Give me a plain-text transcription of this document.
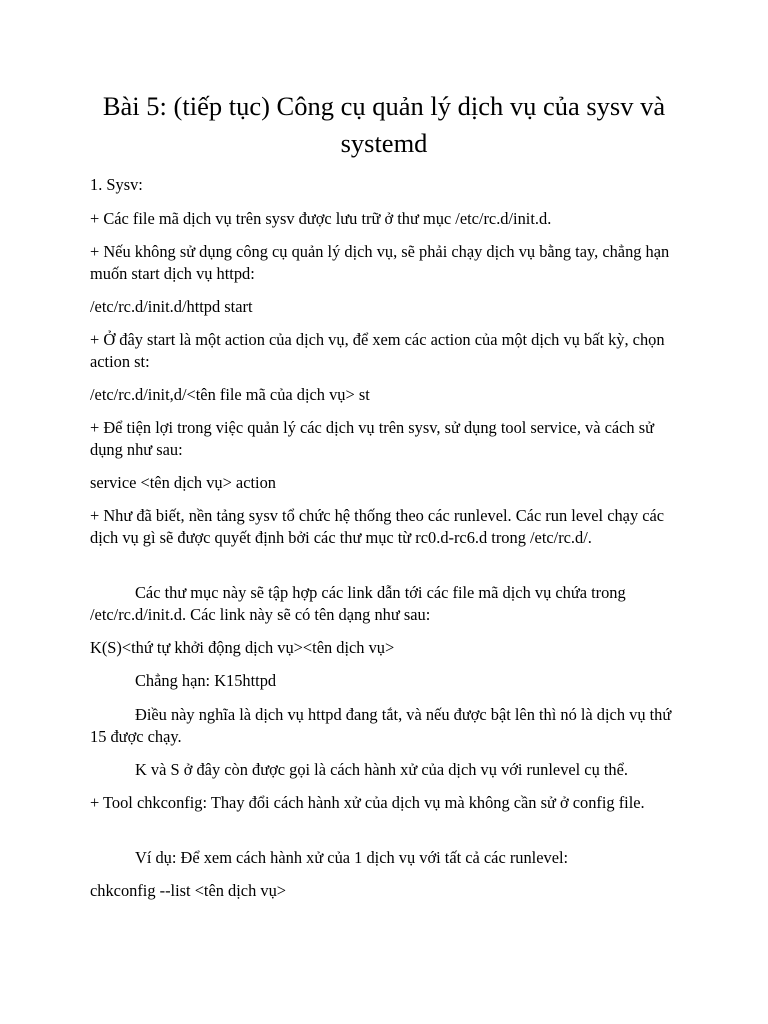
Bài 5: (tiếp tục) Công cụ quản lý dịch vụ của sysv và systemd

1. Sysv:

+ Các file mã dịch vụ trên sysv được lưu trữ ở thư mục /etc/rc.d/init.d.

+ Nếu không sử dụng công cụ quản lý dịch vụ, sẽ phải chạy dịch vụ bằng tay, chẳng hạn muốn start dịch vụ httpd:

/etc/rc.d/init.d/httpd start

+ Ở đây start là một action của dịch vụ, để xem các action của một dịch vụ bất kỳ, chọn action st:

/etc/rc.d/init,d/<tên file mã của dịch vụ> st

+ Để tiện lợi trong việc quản lý các dịch vụ trên sysv, sử dụng tool service, và cách sử dụng như sau:

service <tên dịch vụ> action

+ Như đã biết, nền tảng sysv tổ chức hệ thống theo các runlevel. Các run level chạy các dịch vụ gì sẽ được quyết định bởi các thư mục từ rc0.d-rc6.d trong /etc/rc.d/.

Các thư mục này sẽ tập hợp các link dẫn tới các file mã dịch vụ chứa trong /etc/rc.d/init.d. Các link này sẽ có tên dạng như sau:

K(S)<thứ tự khởi động dịch vụ><tên dịch vụ>

Chẳng hạn: K15httpd

Điều này nghĩa là dịch vụ httpd đang tắt, và nếu được bật lên thì nó là dịch vụ thứ 15 được chạy.

K và S ở đây còn được gọi là cách hành xử của dịch vụ với runlevel cụ thể.

+ Tool chkconfig: Thay đổi cách hành xử của dịch vụ mà không cần sử ở config file.

Ví dụ: Để xem cách hành xử của 1 dịch vụ với tất cả các runlevel:

chkconfig --list <tên dịch vụ>
